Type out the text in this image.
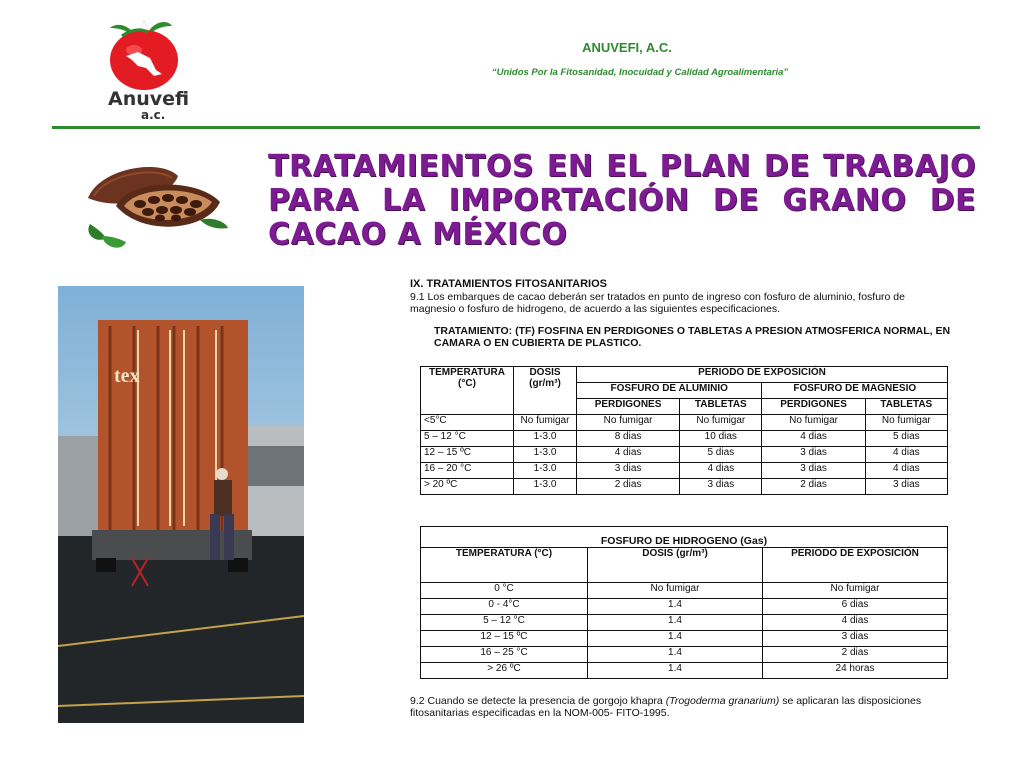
Anuvefi
a.c.
ANUVEFI, A.C.
“Unidos Por la Fitosanidad, Inocuidad y Calidad Agroalimentaria”
TRATAMIENTOS EN EL PLAN DE TRABAJO PARA LA IMPORTACIÓN DE GRANO DE CACAO A MÉXICO
tex

IX. TRATAMIENTOS FITOSANITARIOS

9.1 Los embarques de cacao deberán ser tratados en punto de ingreso con fosfuro de aluminio, fosfuro de magnesio o fosfuro de hidrogeno, de acuerdo a las siguientes especificaciones.

TRATAMIENTO: (TF) FOSFINA EN PERDIGONES O TABLETAS A PRESION ATMOSFERICA NORMAL, EN CAMARA O EN CUBIERTA DE PLASTICO.

TEMPERATURA (°C)	DOSIS (gr/m³)	PERIODO DE EXPOSICIÓN			
		FOSFURO DE ALUMINIO		FOSFURO DE MAGNESIO	
		PERDIGONES	TABLETAS	PERDIGONES	TABLETAS
<5°C	No fumigar	No fumigar	No fumigar	No fumigar	No fumigar
5 – 12 °C	1-3.0	8 dias	10 dias	4 dias	5 dias
12 – 15 ºC	1-3.0	4 dias	5 dias	3 dias	4 dias
16 – 20 °C	1-3.0	3 dias	4 dias	3 dias	4 dias
> 20 ºC	1-3.0	2 dias	3 dias	2 dias	3 dias
FOSFURO DE HIDROGENO (Gas)		
TEMPERATURA (°C)	DOSIS (gr/m³)	PERIODO DE EXPOSICIÓN
0 °C	No fumigar	No fumigar
0 - 4°C	1.4	6 dias
5 – 12 °C	1.4	4 dias
12 – 15 ºC	1.4	3 dias
16 – 25 °C	1.4	2 dias
> 26 ºC	1.4	24 horas

9.2 Cuando se detecte la presencia de gorgojo khapra (Trogoderma granarium) se aplicaran las disposiciones fitosanitarias especificadas en la NOM-005- FITO-1995.
